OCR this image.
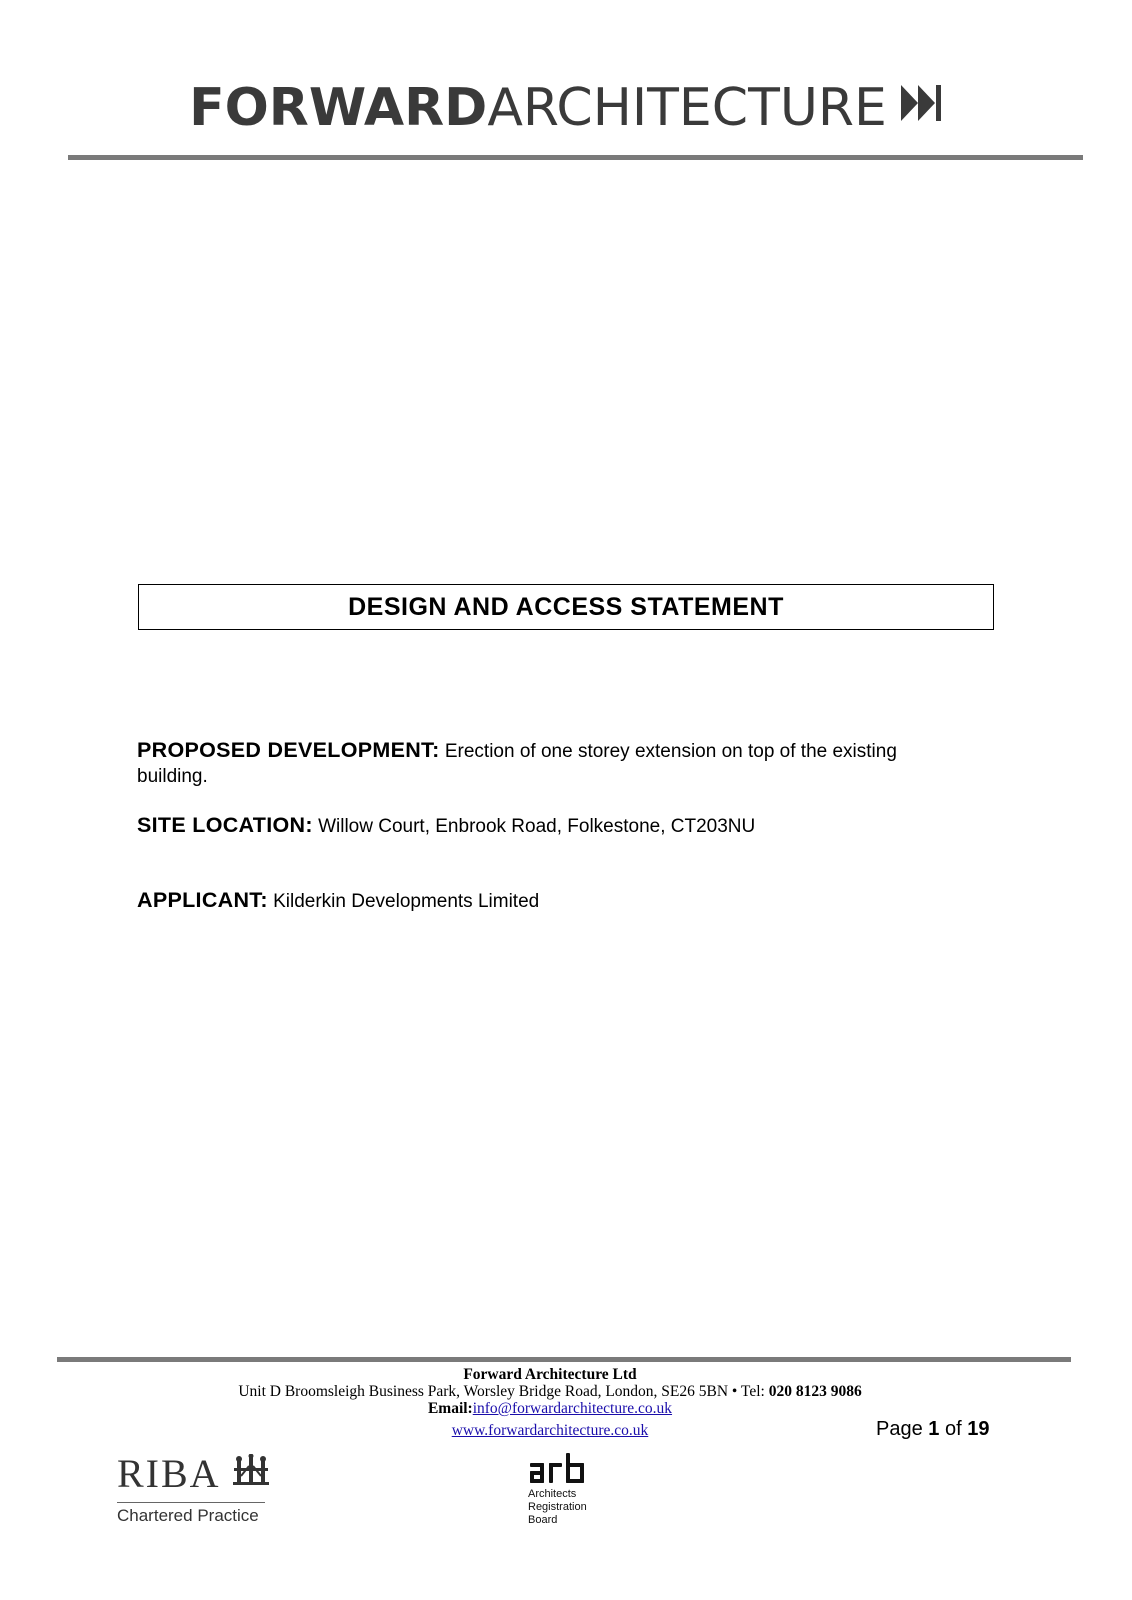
FORWARDARCHITECTURE
DESIGN AND ACCESS STATEMENT
PROPOSED DEVELOPMENT: Erection of one storey extension on top of the existing building.
SITE LOCATION: Willow Court, Enbrook Road, Folkestone, CT203NU
APPLICANT: Kilderkin Developments Limited
Forward Architecture Ltd
Unit D Broomsleigh Business Park, Worsley Bridge Road, London, SE26 5BN • Tel: 020 8123 9086
Email:info@forwardarchitecture.co.uk
www.forwardarchitecture.co.uk	Page 1 of 19
RIBA
Chartered Practice
Architects
Registration
Board
